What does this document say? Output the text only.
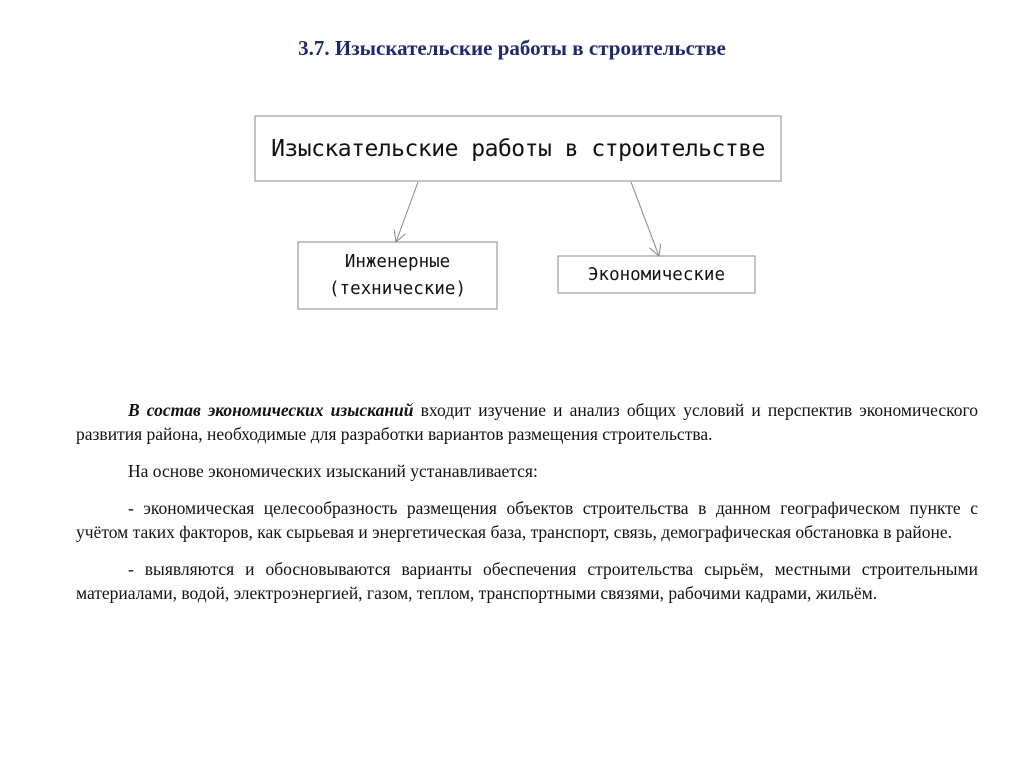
3.7. Изыскательские работы в строительстве
Изыскательские работы в строительстве
Инженерные
(технические)
Экономические

В состав экономических изысканий входит изучение и анализ общих условий и перспектив экономического развития района, необходимые для разработки вариантов размещения строительства.

На основе экономических изысканий устанавливается:

- экономическая целесообразность размещения объектов строительства в данном географическом пункте с учётом таких факторов, как сырьевая и энергетическая база, транспорт, связь, демографическая обстановка в районе.

- выявляются и обосновываются варианты обеспечения строительства сырьём, местными строительными материалами, водой, электроэнергией, газом, теплом, транспортными связями, рабочими кадрами, жильём.
